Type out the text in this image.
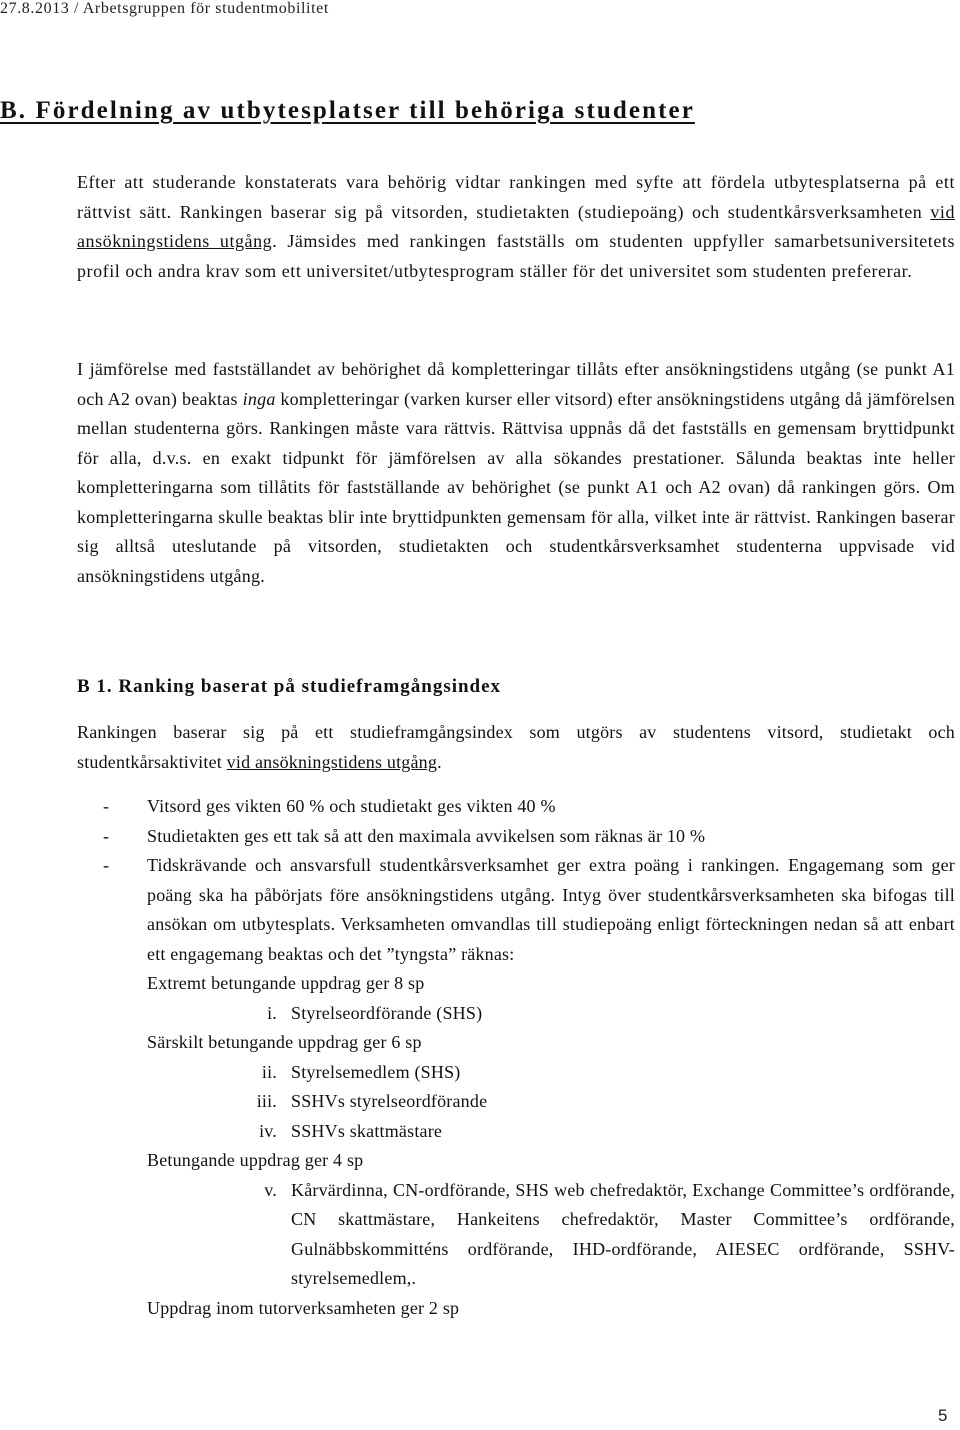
27.8.2013 / Arbetsgruppen för studentmobilitet
B. Fördelning av utbytesplatser till behöriga studenter

Efter att studerande konstaterats vara behörig vidtar rankingen med syfte att fördela utbytesplatserna på ett rättvist sätt. Rankingen baserar sig på vitsorden, studietakten (studiepoäng) och studentkårsverksamheten vid ansökningstidens utgång. Jämsides med rankingen fastställs om studenten uppfyller samarbetsuniversitetets profil och andra krav som ett universitet/utbytesprogram ställer för det universitet som studenten prefererar.

I jämförelse med fastställandet av behörighet då kompletteringar tillåts efter ansökningstidens utgång (se punkt A1 och A2 ovan) beaktas inga kompletteringar (varken kurser eller vitsord) efter ansökningstidens utgång då jämförelsen mellan studenterna görs. Rankingen måste vara rättvis. Rättvisa uppnås då det fastställs en gemensam bryttidpunkt för alla, d.v.s. en exakt tidpunkt för jämförelsen av alla sökandes prestationer. Sålunda beaktas inte heller kompletteringarna som tillåtits för fastställande av behörighet (se punkt A1 och A2 ovan) då rankingen görs. Om kompletteringarna skulle beaktas blir inte bryttidpunkten gemensam för alla, vilket inte är rättvist. Rankingen baserar sig alltså uteslutande på vitsorden, studietakten och studentkårsverksamhet studenterna uppvisade vid ansökningstidens utgång.

B 1. Ranking baserat på studieframgångsindex

Rankingen baserar sig på ett studieframgångsindex som utgörs av studentens vitsord, studietakt och studentkårsaktivitet vid ansökningstidens utgång.

- Vitsord ges vikten 60 % och studietakt ges vikten 40 %
- Studietakten ges ett tak så att den maximala avvikelsen som räknas är 10 %
- Tidskrävande och ansvarsfull studentkårsverksamhet ger extra poäng i rankingen. Engagemang som ger poäng ska ha påbörjats före ansökningstidens utgång. Intyg över studentkårsverksamheten ska bifogas till ansökan om utbytesplats. Verksamheten omvandlas till studiepoäng enligt förteckningen nedan så att enbart ett engagemang beaktas och det ”tyngsta” räknas:
Extremt betungande uppdrag ger 8 sp
i. Styrelseordförande (SHS)
Särskilt betungande uppdrag ger 6 sp
ii. Styrelsemedlem (SHS)
iii. SSHVs styrelseordförande
iv. SSHVs skattmästare
Betungande uppdrag ger 4 sp
v. Kårvärdinna, CN-ordförande, SHS web chefredaktör, Exchange Committee’s ordförande, CN skattmästare, Hankeitens chefredaktör, Master Committee’s ordförande, Gulnäbbskommitténs ordförande, IHD-ordförande, AIESEC ordförande, SSHV-styrelsemedlem,.
Uppdrag inom tutorverksamheten ger 2 sp
5
